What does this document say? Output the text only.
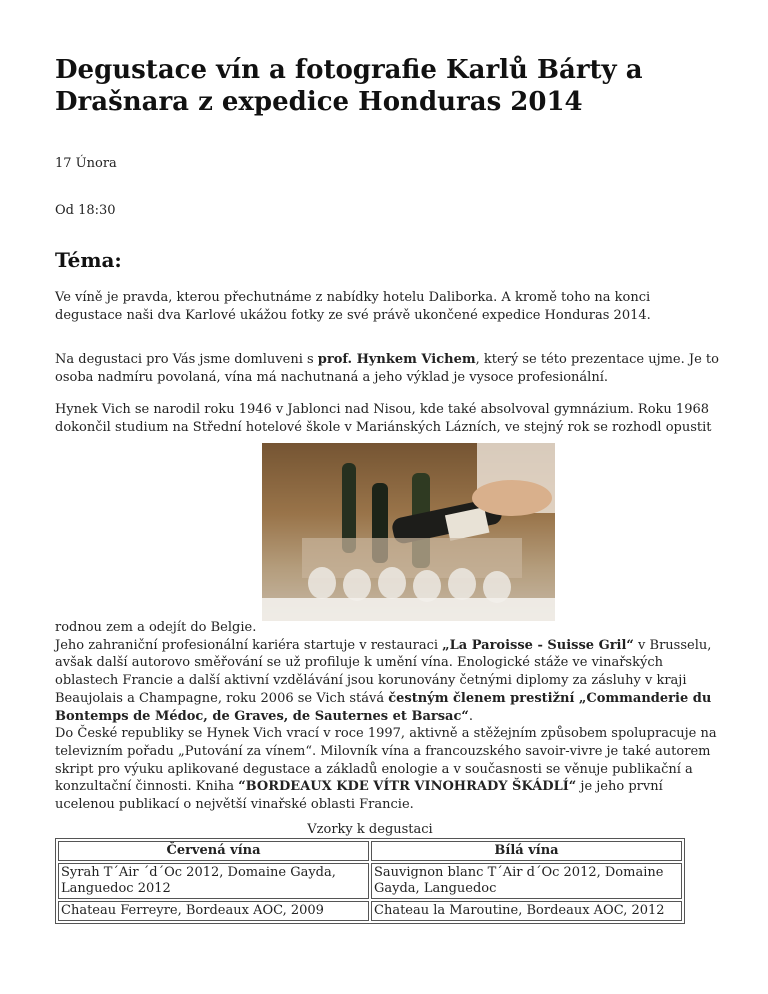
Degustace vín a fotografie Karlů Bárty a Drašnara z expedice Honduras 2014

17 Února

Od 18:30

Téma:

Ve víně je pravda, kterou přechutnáme z nabídky hotelu Daliborka. A kromě toho na konci degustace naši dva Karlové ukážou fotky ze své právě ukončené expedice Honduras 2014.

Na degustaci pro Vás jsme domluveni s prof. Hynkem Vichem, který se této prezentace ujme. Je to osoba nadmíru povolaná, vína má nachutnaná a jeho výklad je vysoce profesionální.

Hynek Vich se narodil roku 1946 v Jablonci nad Nisou, kde také absolvoval gymnázium. Roku 1968 dokončil studium na Střední hotelové škole v Mariánských Lázních, ve stejný rok se rozhodl opustit

rodnou zem a odejít do Belgie.
Jeho zahraniční profesionální kariéra startuje v restauraci „La Paroisse - Suisse Gril“ v Brusselu, avšak další autorovo směřování se už profiluje k umění vína. Enologické stáže ve vinařských oblastech Francie a další aktivní vzdělávání jsou korunovány četnými diplomy za zásluhy v kraji Beaujolais a Champagne, roku 2006 se Vich stává čestným členem prestižní „Commanderie du Bontemps de Médoc, de Graves, de Sauternes et Barsac“.
Do České republiky se Hynek Vich vrací v roce 1997, aktivně a stěžejním způsobem spolupracuje na televizním pořadu „Putování za vínem“. Milovník vína a francouzského savoir-vivre je také autorem skript pro výuku aplikované degustace a základů enologie a v současnosti se věnuje publikační a konzultační činnosti. Kniha “BORDEAUX KDE VÍTR VINOHRADY ŠKÁDLÍ“ je jeho první ucelenou publikací o největší vinařské oblasti Francie.

Vzorky k degustaci
Červená vína	Bílá vína
Syrah T´Air ´d´Oc 2012, Domaine Gayda, Languedoc 2012	Sauvignon blanc T´Air d´Oc 2012, Domaine Gayda, Languedoc
Chateau Ferreyre, Bordeaux AOC, 2009	Chateau la Maroutine, Bordeaux AOC, 2012
